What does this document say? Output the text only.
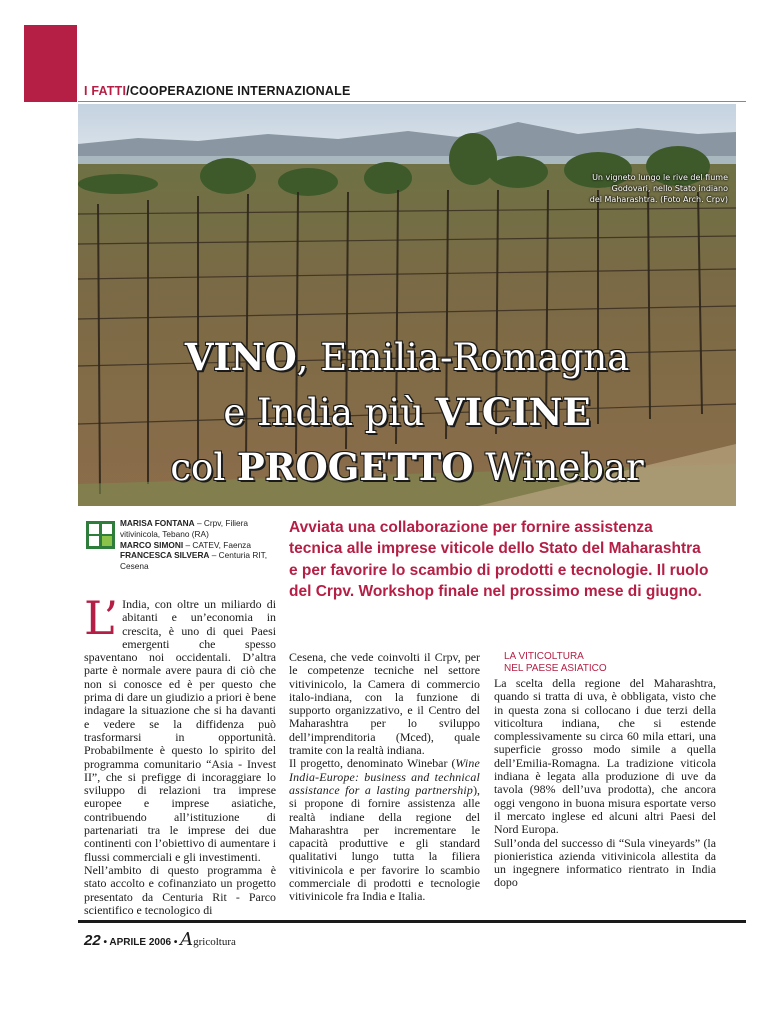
I FATTI/COOPERAZIONE INTERNAZIONALE
Un vigneto lungo le rive del fiume
Godovari, nello Stato indiano
del Maharashtra. (Foto Arch. Crpv)
VINO, Emilia-Romagna
e India più VICINE
col PROGETTO Winebar
MARISA FONTANA – Crpv, Filiera vitivinicola, Tebano (RA)
MARCO SIMONI – CATEV, Faenza
FRANCESCA SILVERA – Centuria RIT, Cesena
Avviata una collaborazione per fornire assistenza tecnica alle imprese viticole dello Stato del Maharashtra e per favorire lo scambio di prodotti e tecnologie. Il ruolo del Crpv. Workshop finale nel prossimo mese di giugno.
L’ India, con oltre un miliardo di abitanti e un’economia in crescita, è uno di quei Paesi emergenti che spesso spaventano noi occidentali. D’altra parte è normale avere paura di ciò che non si conosce ed è per questo che prima di dare un giudizio a priori è bene indagare la situazione che si ha davanti e vedere se la diffidenza può trasformarsi in opportunità. Probabilmente è questo lo spirito del programma comunitario “Asia - Invest II”, che si prefigge di incoraggiare lo sviluppo di relazioni tra imprese europee e imprese asiatiche, contribuendo all’istituzione di partenariati tra le imprese dei due continenti con l’obiettivo di aumentare i flussi commerciali e gli investimenti.

Nell’ambito di questo programma è stato accolto e cofinanziato un progetto presentato da Centuria Rit - Parco scientifico e tecnologico di

Cesena, che vede coinvolti il Crpv, per le competenze tecniche nel settore vitivinicolo, la Camera di commercio italo-indiana, con la funzione di supporto organizzativo, e il Centro del Maharashtra per lo sviluppo dell’imprenditoria (Mced), quale tramite con la realtà indiana.

Il progetto, denominato Winebar (Wine India-Europe: business and technical assistance for a lasting partnership), si propone di fornire assistenza alle realtà indiane della regione del Maharashtra per incrementare le capacità produttive e gli standard qualitativi lungo tutta la filiera vitivinicola e per favorire lo scambio commerciale di prodotti e tecnologie vitivinicole fra India e Italia.

LA VITICOLTURA
NEL PAESE ASIATICO

La scelta della regione del Maharashtra, quando si tratta di uva, è obbligata, visto che in questa zona si collocano i due terzi della viticoltura indiana, che si estende complessivamente su circa 60 mila ettari, una superficie grosso modo simile a quella dell’Emilia-Romagna. La tradizione viticola indiana è legata alla produzione di uve da tavola (98% dell’uva prodotta), che ancora oggi vengono in buona misura esportate verso il mercato inglese ed alcuni altri Paesi del Nord Europa.

Sull’onda del successo di “Sula vineyards” (la pionieristica azienda vitivinicola allestita da un ingegnere informatico rientrato in India dopo

22 • APRILE 2006 • Agricoltura
